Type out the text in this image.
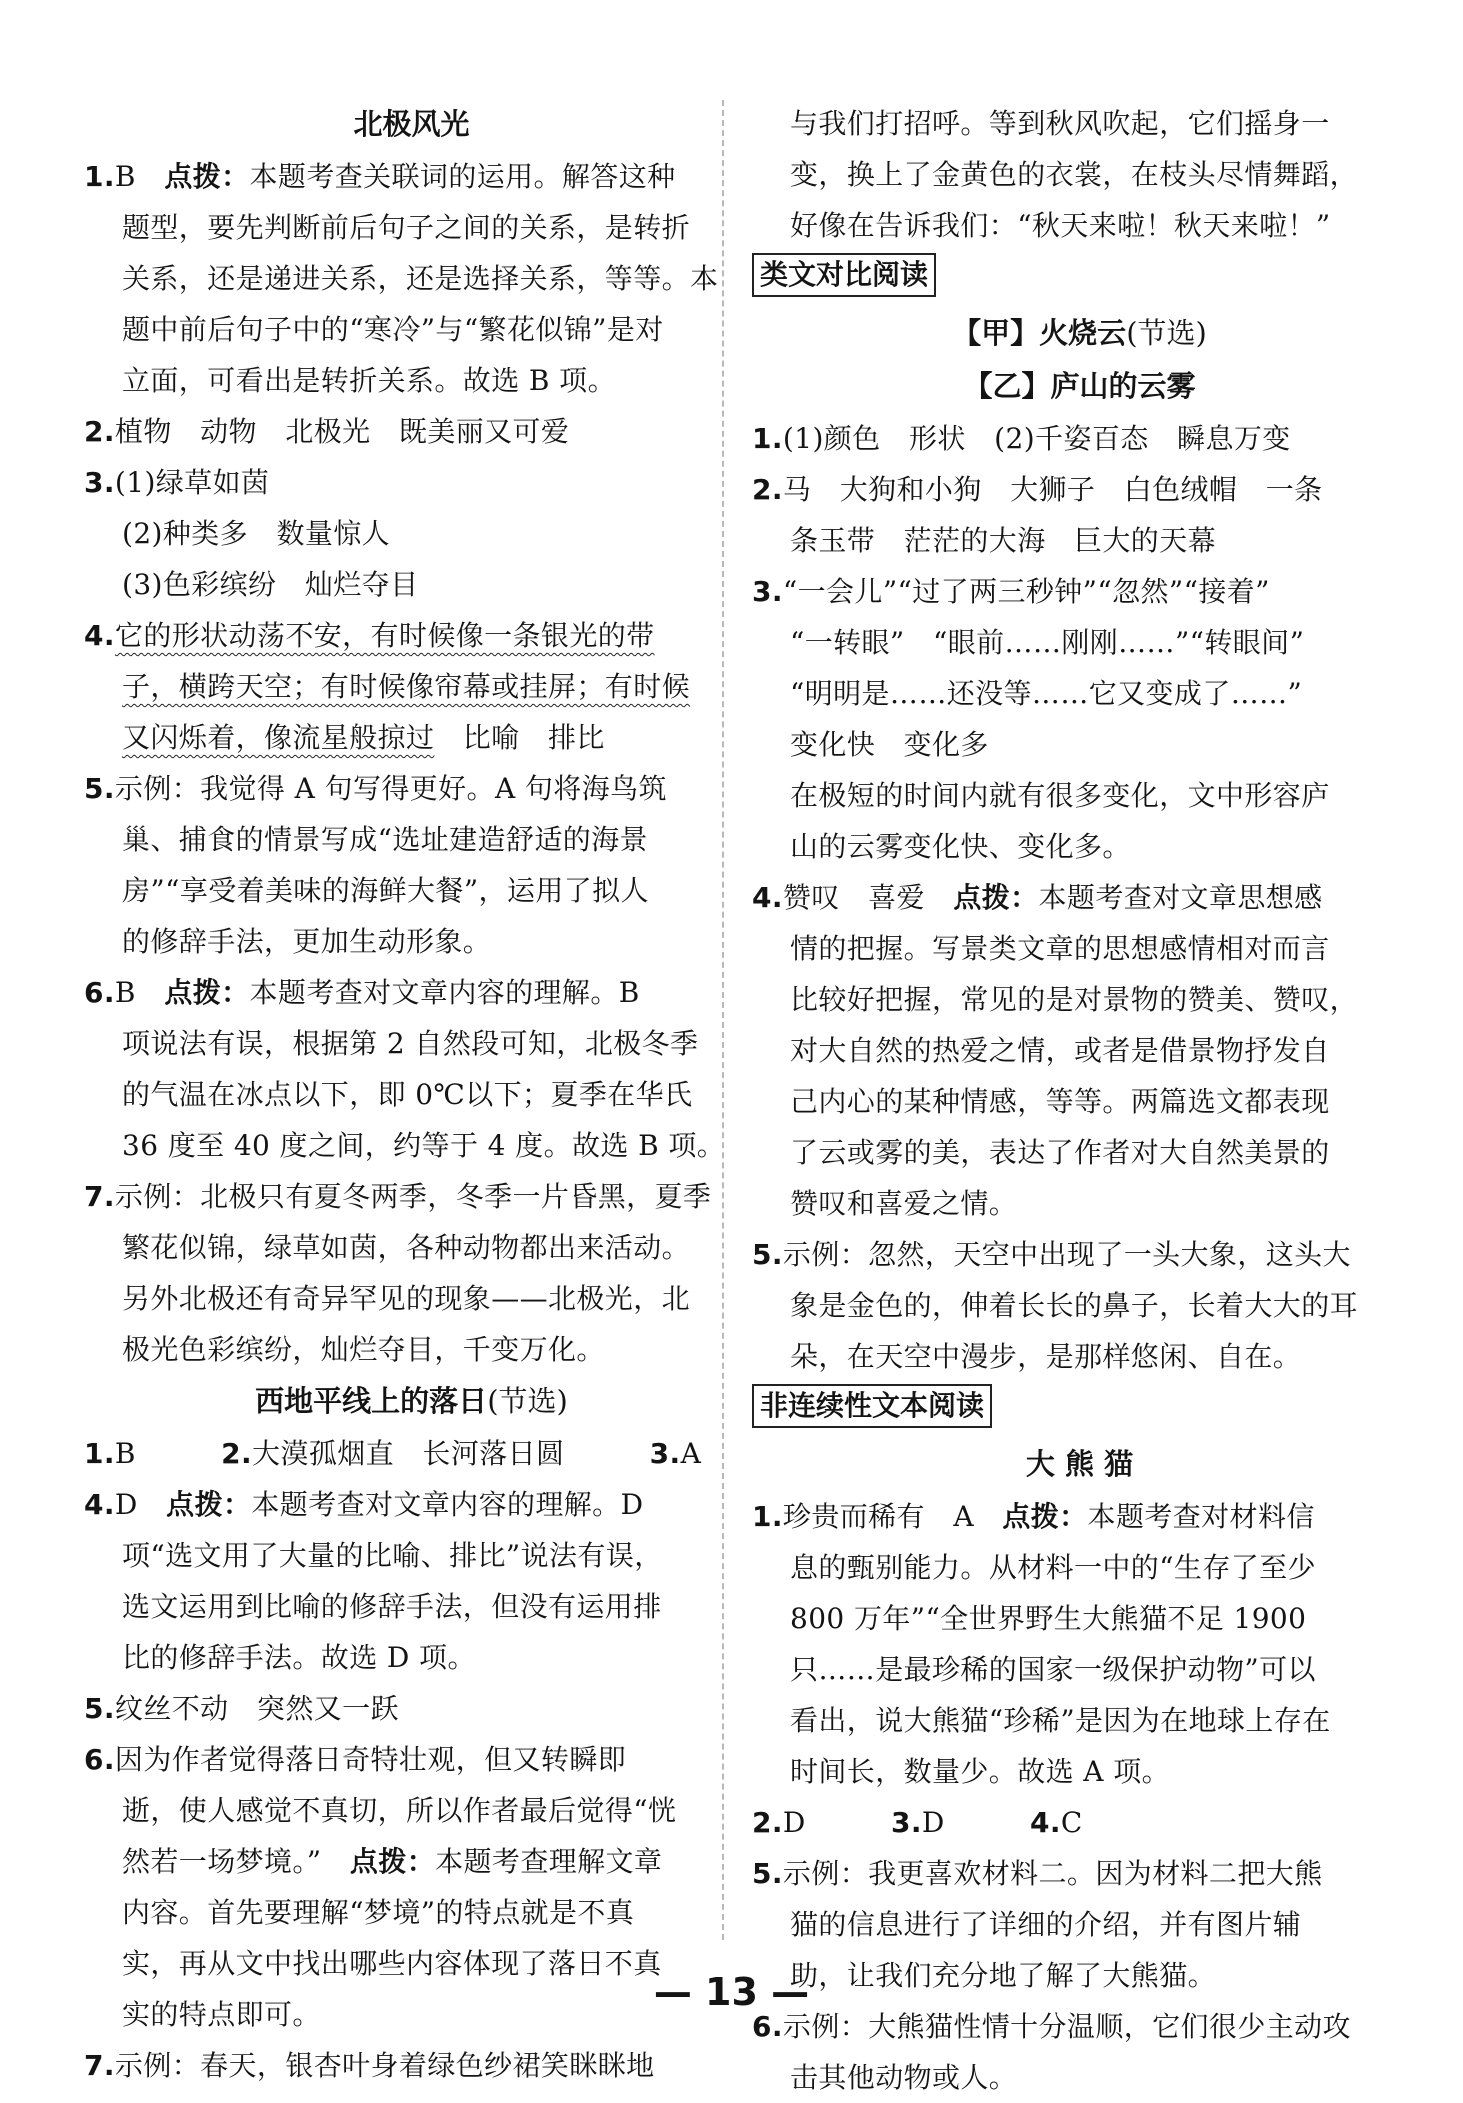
北极风光
1.B　点拨：本题考查关联词的运用。解答这种
题型，要先判断前后句子之间的关系，是转折
关系，还是递进关系，还是选择关系，等等。本
题中前后句子中的“寒冷”与“繁花似锦”是对
立面，可看出是转折关系。故选 B 项。
2.植物　动物　北极光　既美丽又可爱
3.(1)绿草如茵
(2)种类多　数量惊人
(3)色彩缤纷　灿烂夺目
4.它的形状动荡不安，有时候像一条银光的带
子，横跨天空；有时候像帘幕或挂屏；有时候
又闪烁着，像流星般掠过　比喻　排比
5.示例：我觉得 A 句写得更好。A 句将海鸟筑
巢、捕食的情景写成“选址建造舒适的海景
房”“享受着美味的海鲜大餐”，运用了拟人
的修辞手法，更加生动形象。
6.B　点拨：本题考查对文章内容的理解。B
项说法有误，根据第 2 自然段可知，北极冬季
的气温在冰点以下，即 0℃以下；夏季在华氏
36 度至 40 度之间，约等于 4 度。故选 B 项。
7.示例：北极只有夏冬两季，冬季一片昏黑，夏季
繁花似锦，绿草如茵，各种动物都出来活动。
另外北极还有奇异罕见的现象——北极光，北
极光色彩缤纷，灿烂夺目，千变万化。
西地平线上的落日(节选)
1.B　　　	2.大漠孤烟直　长河落日圆　　　	3.A
4.D　点拨：本题考查对文章内容的理解。D
项“选文用了大量的比喻、排比”说法有误，
选文运用到比喻的修辞手法，但没有运用排
比的修辞手法。故选 D 项。
5.纹丝不动　突然又一跃
6.因为作者觉得落日奇特壮观，但又转瞬即
逝，使人感觉不真切，所以作者最后觉得“恍
然若一场梦境。”　点拨：本题考查理解文章
内容。首先要理解“梦境”的特点就是不真
实，再从文中找出哪些内容体现了落日不真
实的特点即可。
7.示例：春天，银杏叶身着绿色纱裙笑眯眯地
与我们打招呼。等到秋风吹起，它们摇身一
变，换上了金黄色的衣裳，在枝头尽情舞蹈，
好像在告诉我们：“秋天来啦！秋天来啦！”
类文对比阅读
【甲】火烧云(节选)
【乙】庐山的云雾
1.(1)颜色　形状　(2)千姿百态　瞬息万变
2.马　大狗和小狗　大狮子　白色绒帽　一条
条玉带　茫茫的大海　巨大的天幕
3.“一会儿”“过了两三秒钟”“忽然”“接着”
“一转眼”　“眼前……刚刚……”“转眼间”
“明明是……还没等……它又变成了……”
变化快　变化多
在极短的时间内就有很多变化，文中形容庐
山的云雾变化快、变化多。
4.赞叹　喜爱　点拨：本题考查对文章思想感
情的把握。写景类文章的思想感情相对而言
比较好把握，常见的是对景物的赞美、赞叹，
对大自然的热爱之情，或者是借景物抒发自
己内心的某种情感，等等。两篇选文都表现
了云或雾的美，表达了作者对大自然美景的
赞叹和喜爱之情。
5.示例：忽然，天空中出现了一头大象，这头大
象是金色的，伸着长长的鼻子，长着大大的耳
朵，在天空中漫步，是那样悠闲、自在。
非连续性文本阅读
大 熊 猫
1.珍贵而稀有　A　点拨：本题考查对材料信
息的甄别能力。从材料一中的“生存了至少
800 万年”“全世界野生大熊猫不足 1900
只……是最珍稀的国家一级保护动物”可以
看出，说大熊猫“珍稀”是因为在地球上存在
时间长，数量少。故选 A 项。
2.D　　　	3.D　　　	4.C
5.示例：我更喜欢材料二。因为材料二把大熊
猫的信息进行了详细的介绍，并有图片辅
助，让我们充分地了解了大熊猫。
6.示例：大熊猫性情十分温顺，它们很少主动攻
击其他动物或人。
— 13 —
